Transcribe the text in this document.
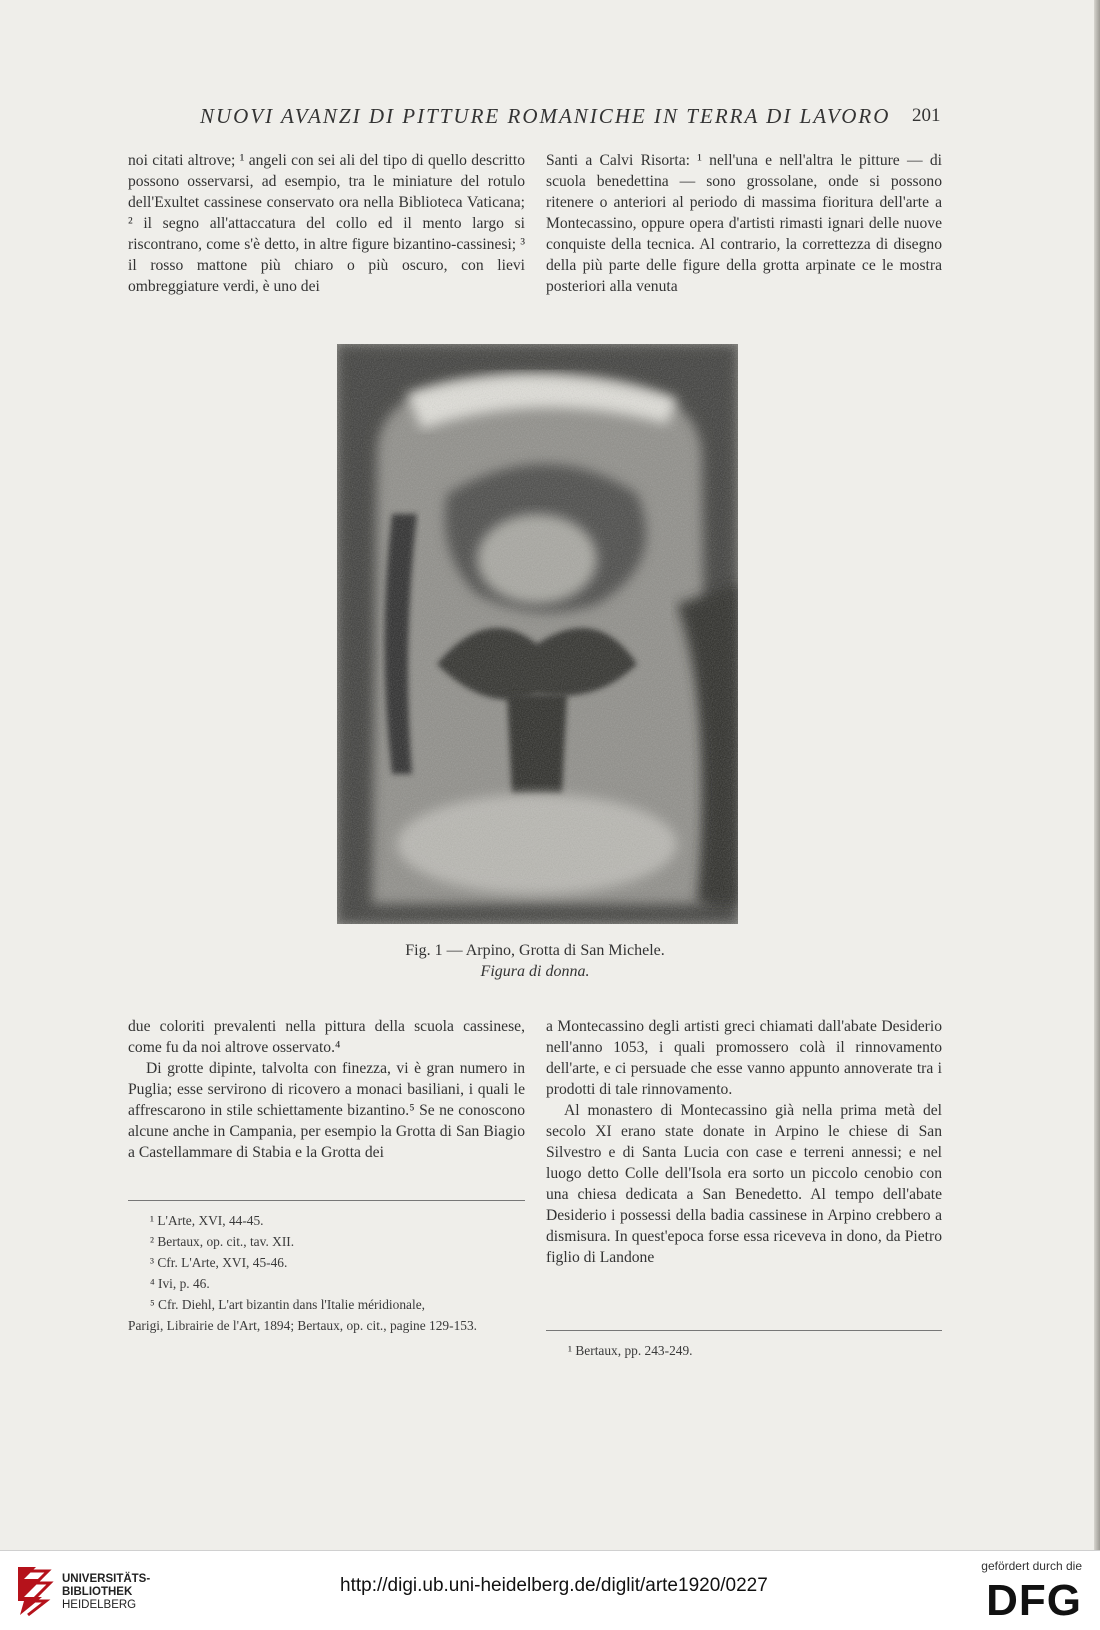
NUOVI AVANZI DI PITTURE ROMANICHE IN TERRA DI LAVORO 201

noi citati altrove; ¹ angeli con sei ali del tipo di quello descritto possono osservarsi, ad esempio, tra le miniature del rotulo dell'Exultet cassinese conservato ora nella Biblioteca Vaticana; ² il segno all'attaccatura del collo ed il mento largo si riscontrano, come s'è detto, in altre figure bizantino-cassinesi; ³ il rosso mattone più chiaro o più oscuro, con lievi ombreggiature verdi, è uno dei

Santi a Calvi Risorta: ¹ nell'una e nell'altra le pitture — di scuola benedettina — sono grossolane, onde si possono ritenere o anteriori al periodo di massima fioritura dell'arte a Montecassino, oppure opera d'artisti rimasti ignari delle nuove conquiste della tecnica. Al contrario, la correttezza di disegno della più parte delle figure della grotta arpinate ce le mostra posteriori alla venuta

Fig. 1 — Arpino, Grotta di San Michele.
Figura di donna.

due coloriti prevalenti nella pittura della scuola cassinese, come fu da noi altrove osservato.⁴

Di grotte dipinte, talvolta con finezza, vi è gran numero in Puglia; esse servirono di ricovero a monaci basiliani, i quali le affrescarono in stile schiettamente bizantino.⁵ Se ne conoscono alcune anche in Campania, per esempio la Grotta di San Biagio a Castellammare di Stabia e la Grotta dei

a Montecassino degli artisti greci chiamati dall'abate Desiderio nell'anno 1053, i quali promossero colà il rinnovamento dell'arte, e ci persuade che esse vanno appunto annoverate tra i prodotti di tale rinnovamento.

Al monastero di Montecassino già nella prima metà del secolo XI erano state donate in Arpino le chiese di San Silvestro e di Santa Lucia con case e terreni annessi; e nel luogo detto Colle dell'Isola era sorto un piccolo cenobio con una chiesa dedicata a San Benedetto. Al tempo dell'abate Desiderio i possessi della badia cassinese in Arpino crebbero a dismisura. In quest'epoca forse essa riceveva in dono, da Pietro figlio di Landone

¹ L'Arte, XVI, 44-45.

² Bertaux, op. cit., tav. XII.

³ Cfr. L'Arte, XVI, 45-46.

⁴ Ivi, p. 46.

⁵ Cfr. Diehl, L'art bizantin dans l'Italie méridionale,

Parigi, Librairie de l'Art, 1894; Bertaux, op. cit., pagine 129-153.

¹ Bertaux, pp. 243-249.

UNIVERSITÄTS-
BIBLIOTHEK
HEIDELBERG
http://digi.ub.uni-heidelberg.de/diglit/arte1920/0227
gefördert durch die
DFG
